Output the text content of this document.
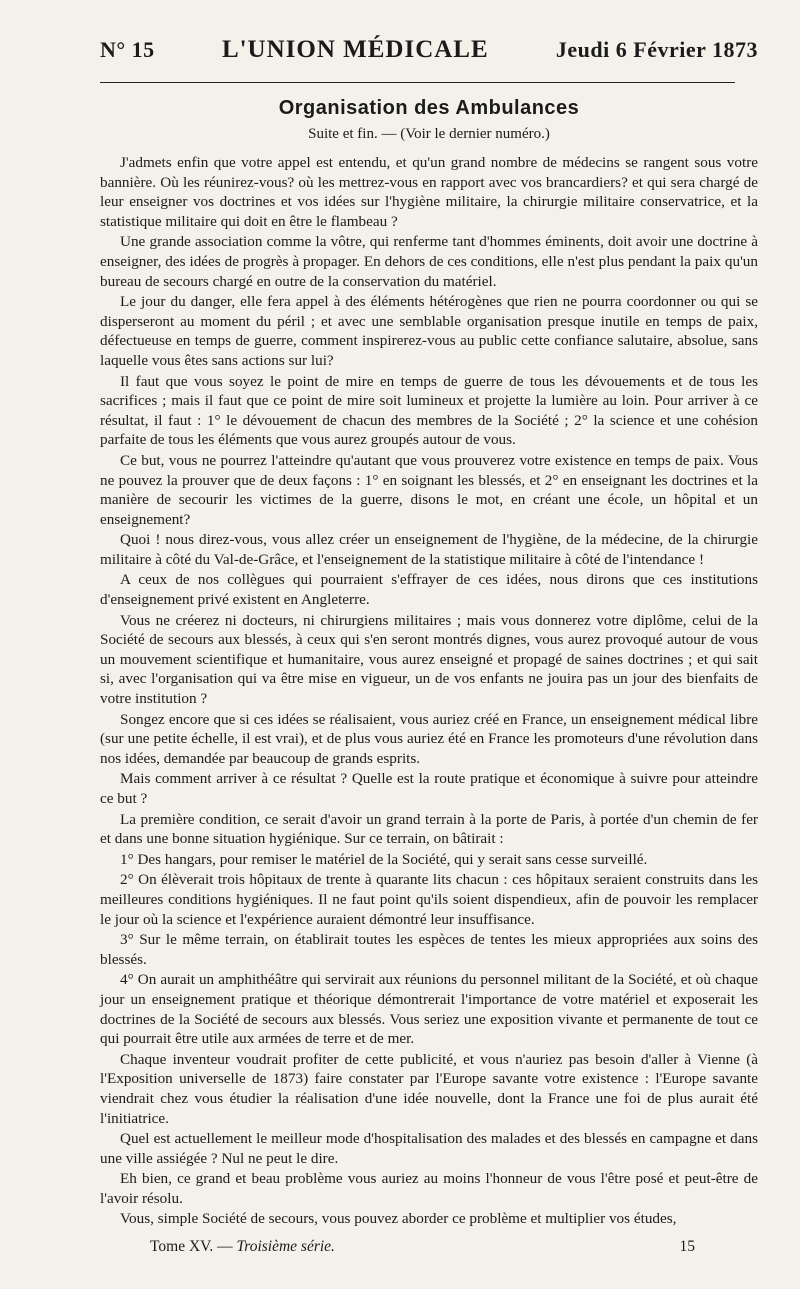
N° 15	L'UNION MÉDICALE	Jeudi 6 Février 1873
Organisation des Ambulances
Suite et fin. — (Voir le dernier numéro.)

J'admets enfin que votre appel est entendu, et qu'un grand nombre de médecins se rangent sous votre bannière. Où les réunirez-vous? où les mettrez-vous en rapport avec vos brancardiers? et qui sera chargé de leur enseigner vos doctrines et vos idées sur l'hygiène militaire, la chirurgie militaire conservatrice, et la statistique militaire qui doit en être le flambeau ?

Une grande association comme la vôtre, qui renferme tant d'hommes éminents, doit avoir une doctrine à enseigner, des idées de progrès à propager. En dehors de ces conditions, elle n'est plus pendant la paix qu'un bureau de secours chargé en outre de la conservation du matériel.

Le jour du danger, elle fera appel à des éléments hétérogènes que rien ne pourra coordonner ou qui se disperseront au moment du péril ; et avec une semblable organisation presque inutile en temps de paix, défectueuse en temps de guerre, comment inspirerez-vous au public cette confiance salutaire, absolue, sans laquelle vous êtes sans actions sur lui?

Il faut que vous soyez le point de mire en temps de guerre de tous les dévouements et de tous les sacrifices ; mais il faut que ce point de mire soit lumineux et projette la lumière au loin. Pour arriver à ce résultat, il faut : 1° le dévouement de chacun des membres de la Société ; 2° la science et une cohésion parfaite de tous les éléments que vous aurez groupés autour de vous.

Ce but, vous ne pourrez l'atteindre qu'autant que vous prouverez votre existence en temps de paix. Vous ne pouvez la prouver que de deux façons : 1° en soignant les blessés, et 2° en enseignant les doctrines et la manière de secourir les victimes de la guerre, disons le mot, en créant une école, un hôpital et un enseignement?

Quoi ! nous direz-vous, vous allez créer un enseignement de l'hygiène, de la médecine, de la chirurgie militaire à côté du Val-de-Grâce, et l'enseignement de la statistique militaire à côté de l'intendance !

A ceux de nos collègues qui pourraient s'effrayer de ces idées, nous dirons que ces institutions d'enseignement privé existent en Angleterre.

Vous ne créerez ni docteurs, ni chirurgiens militaires ; mais vous donnerez votre diplôme, celui de la Société de secours aux blessés, à ceux qui s'en seront montrés dignes, vous aurez provoqué autour de vous un mouvement scientifique et humanitaire, vous aurez enseigné et propagé de saines doctrines ; et qui sait si, avec l'organisation qui va être mise en vigueur, un de vos enfants ne jouira pas un jour des bienfaits de votre institution ?

Songez encore que si ces idées se réalisaient, vous auriez créé en France, un enseignement médical libre (sur une petite échelle, il est vrai), et de plus vous auriez été en France les promoteurs d'une révolution dans nos idées, demandée par beaucoup de grands esprits.

Mais comment arriver à ce résultat ? Quelle est la route pratique et économique à suivre pour atteindre ce but ?

La première condition, ce serait d'avoir un grand terrain à la porte de Paris, à portée d'un chemin de fer et dans une bonne situation hygiénique. Sur ce terrain, on bâtirait :

1° Des hangars, pour remiser le matériel de la Société, qui y serait sans cesse surveillé.

2° On élèverait trois hôpitaux de trente à quarante lits chacun : ces hôpitaux seraient construits dans les meilleures conditions hygiéniques. Il ne faut point qu'ils soient dispendieux, afin de pouvoir les remplacer le jour où la science et l'expérience auraient démontré leur insuffisance.

3° Sur le même terrain, on établirait toutes les espèces de tentes les mieux appropriées aux soins des blessés.

4° On aurait un amphithéâtre qui servirait aux réunions du personnel militant de la Société, et où chaque jour un enseignement pratique et théorique démontrerait l'importance de votre matériel et exposerait les doctrines de la Société de secours aux blessés. Vous seriez une exposition vivante et permanente de tout ce qui pourrait être utile aux armées de terre et de mer.

Chaque inventeur voudrait profiter de cette publicité, et vous n'auriez pas besoin d'aller à Vienne (à l'Exposition universelle de 1873) faire constater par l'Europe savante votre existence : l'Europe savante viendrait chez vous étudier la réalisation d'une idée nouvelle, dont la France une foi de plus aurait été l'initiatrice.

Quel est actuellement le meilleur mode d'hospitalisation des malades et des blessés en campagne et dans une ville assiégée ? Nul ne peut le dire.

Eh bien, ce grand et beau problème vous auriez au moins l'honneur de vous l'être posé et peut-être de l'avoir résolu.

Vous, simple Société de secours, vous pouvez aborder ce problème et multiplier vos études,

Tome XV. — Troisième série.	15
